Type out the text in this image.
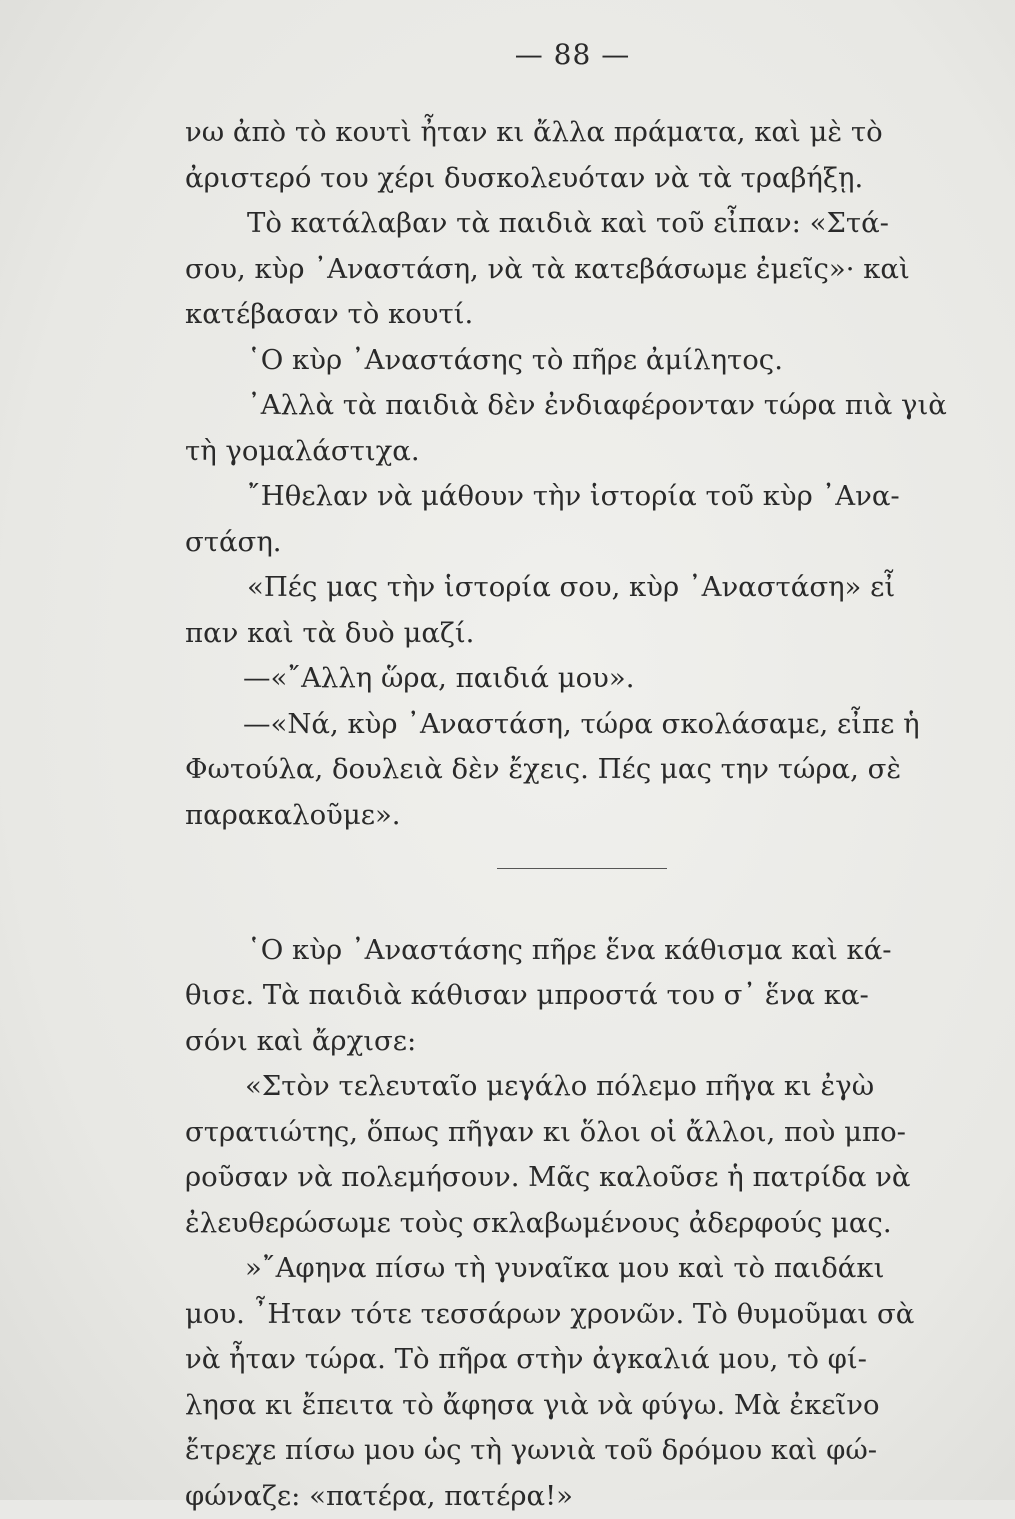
— 88 —
νω ἀπὸ τὸ κουτὶ ἦταν κι ἄλλα πράματα, καὶ μὲ τὸ
ἀριστερό του χέρι δυσκολευόταν νὰ τὰ τραβήξῃ.
Τὸ κατάλαβαν τὰ παιδιὰ καὶ τοῦ εἶπαν: «Στά-
σου, κὺρ ᾿Αναστάση, νὰ τὰ κατεβάσωμε ἐμεῖς»· καὶ
κατέβασαν τὸ κουτί.
῾Ο κὺρ ᾿Αναστάσης τὸ πῆρε ἀμίλητος.
᾿Αλλὰ τὰ παιδιὰ δὲν ἐνδιαφέρονταν τώρα πιὰ γιὰ
τὴ γομαλάστιχα.
῎Ηθελαν νὰ μάθουν τὴν ἱστορία τοῦ κὺρ ᾿Ανα-
στάση.
«Πές μας τὴν ἱστορία σου, κὺρ ᾿Αναστάση» εἶ
παν καὶ τὰ δυὸ μαζί.
—«῎Αλλη ὥρα, παιδιά μου».
—«Νά, κὺρ ᾿Αναστάση, τώρα σκολάσαμε, εἶπε ἡ
Φωτούλα, δουλειὰ δὲν ἔχεις. Πές μας την τώρα, σὲ
παρακαλοῦμε».
῾Ο κὺρ ᾿Αναστάσης πῆρε ἕνα κάθισμα καὶ κά-
θισε. Τὰ παιδιὰ κάθισαν μπροστά του σ᾿ ἕνα κα-
σόνι καὶ ἄρχισε:
«Στὸν τελευταῖο μεγάλο πόλεμο πῆγα κι ἐγὼ
στρατιώτης, ὅπως πῆγαν κι ὅλοι οἱ ἄλλοι, ποὺ μπο-
ροῦσαν νὰ πολεμήσουν. Μᾶς καλοῦσε ἡ πατρίδα νὰ
ἐλευθερώσωμε τοὺς σκλαβωμένους ἀδερφούς μας.
»῎Αφηνα πίσω τὴ γυναῖκα μου καὶ τὸ παιδάκι
μου. ῏Ηταν τότε τεσσάρων χρονῶν. Τὸ θυμοῦμαι σὰ
νὰ ἦταν τώρα. Τὸ πῆρα στὴν ἀγκαλιά μου, τὸ φί-
λησα κι ἔπειτα τὸ ἄφησα γιὰ νὰ φύγω. Μὰ ἐκεῖνο
ἔτρεχε πίσω μου ὡς τὴ γωνιὰ τοῦ δρόμου καὶ φώ-
φώναζε: «πατέρα, πατέρα!»
